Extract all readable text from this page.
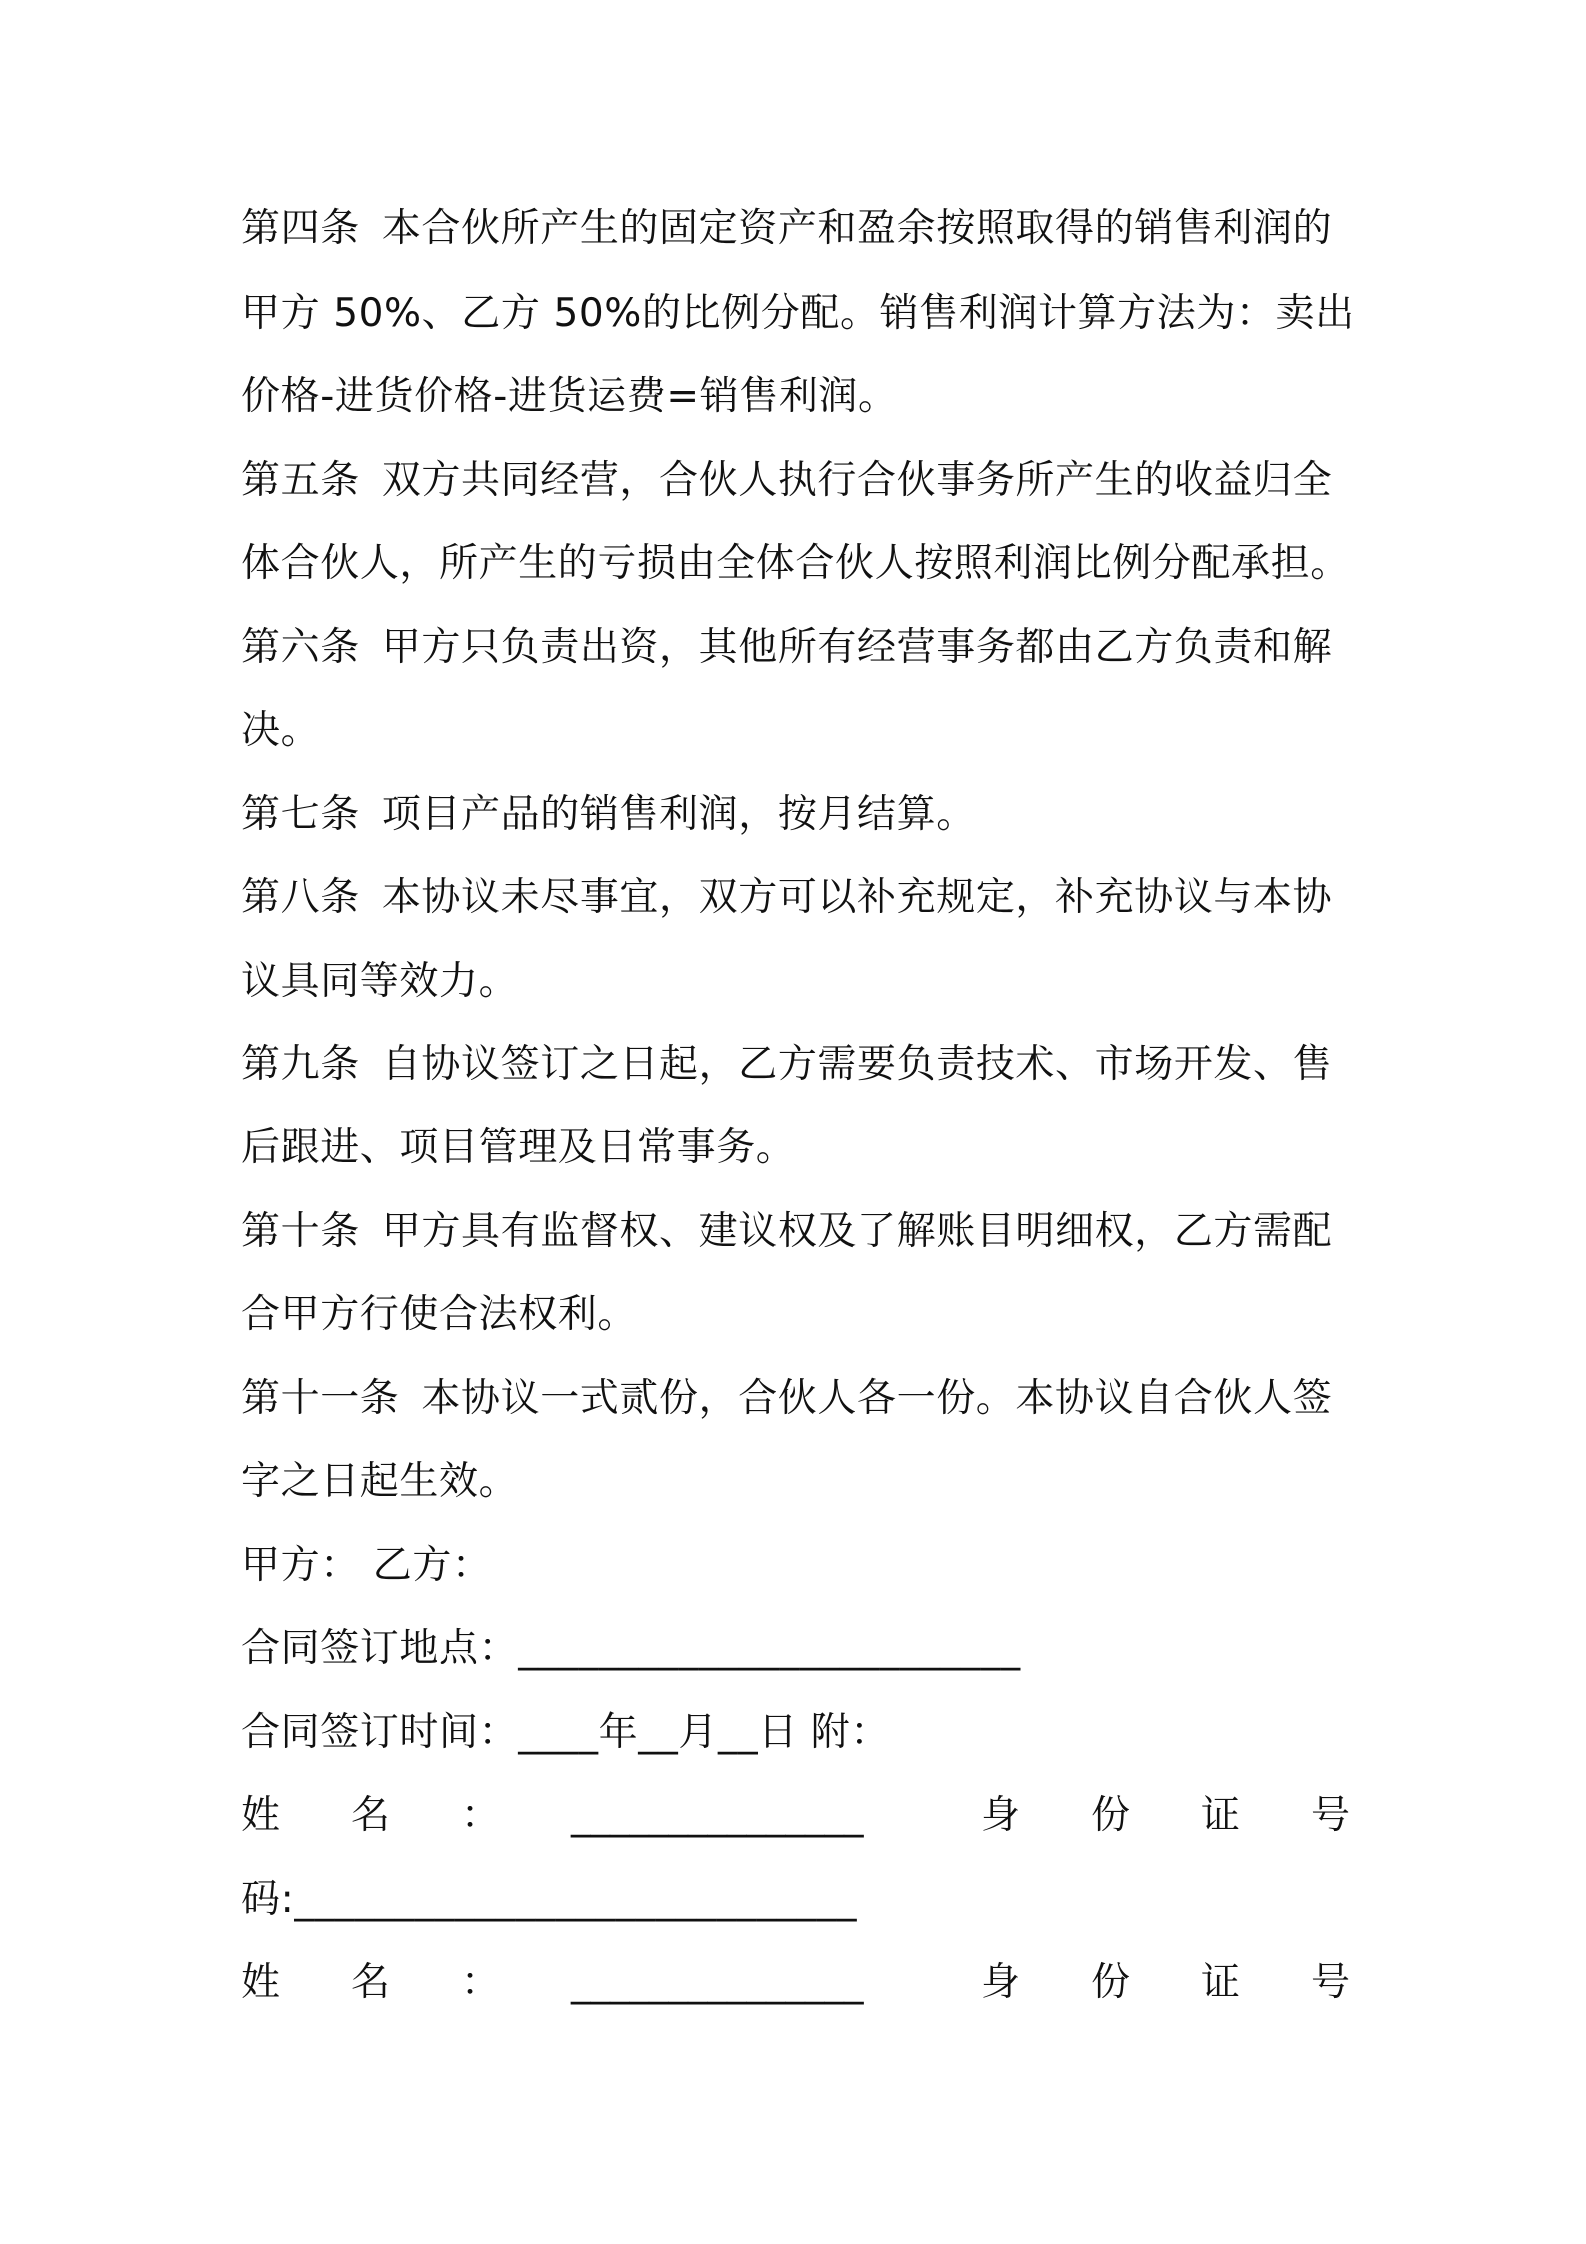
第四条 本合伙所产生的固定资产和盈余按照取得的销售利润的
甲方 50%、乙方 50%的比例分配。销售利润计算方法为：卖出
价格-进货价格-进货运费=销售利润。
第五条 双方共同经营，合伙人执行合伙事务所产生的收益归全
体合伙人，所产生的亏损由全体合伙人按照利润比例分配承担。
第六条 甲方只负责出资，其他所有经营事务都由乙方负责和解
决。
第七条 项目产品的销售利润，按月结算。
第八条 本协议未尽事宜，双方可以补充规定，补充协议与本协
议具同等效力。
第九条 自协议签订之日起，乙方需要负责技术、市场开发、售
后跟进、项目管理及日常事务。
第十条 甲方具有监督权、建议权及了解账目明细权，乙方需配
合甲方行使合法权利。
第十一条 本协议一式贰份，合伙人各一份。本协议自合伙人签
字之日起生效。
甲方： 乙方：
合同签订地点：_________________________
合同签订时间：____年__月__日 附：
姓 名 ： _______________	身 份 证 号
码:____________________________
姓 名 ： _______________	身 份 证 号
